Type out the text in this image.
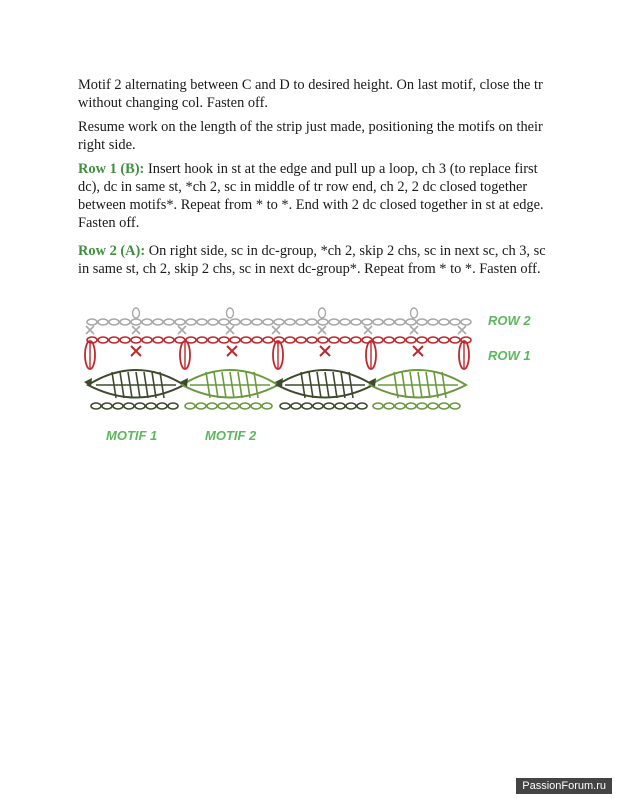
Motif 2 alternating between C and D to desired height. On last motif, close the tr without changing col. Fasten off.

Resume work on the length of the strip just made, positioning the motifs on their right side.

Row 1 (B): Insert hook in st at the edge and pull up a loop, ch 3 (to replace first dc), dc in same st, *ch 2, sc in middle of tr row end, ch 2, 2 dc closed together between motifs*. Repeat from * to *. End with 2 dc closed together in st at edge. Fasten off.

Row 2 (A): On right side, sc in dc-group, *ch 2, skip 2 chs, sc in next sc, ch 3, sc in same st, ch 2, skip 2 chs, sc in next dc-group*. Repeat from * to *. Fasten off.

ROW 2
ROW 1
MOTIF 1	MOTIF 2
PassionForum.ru
